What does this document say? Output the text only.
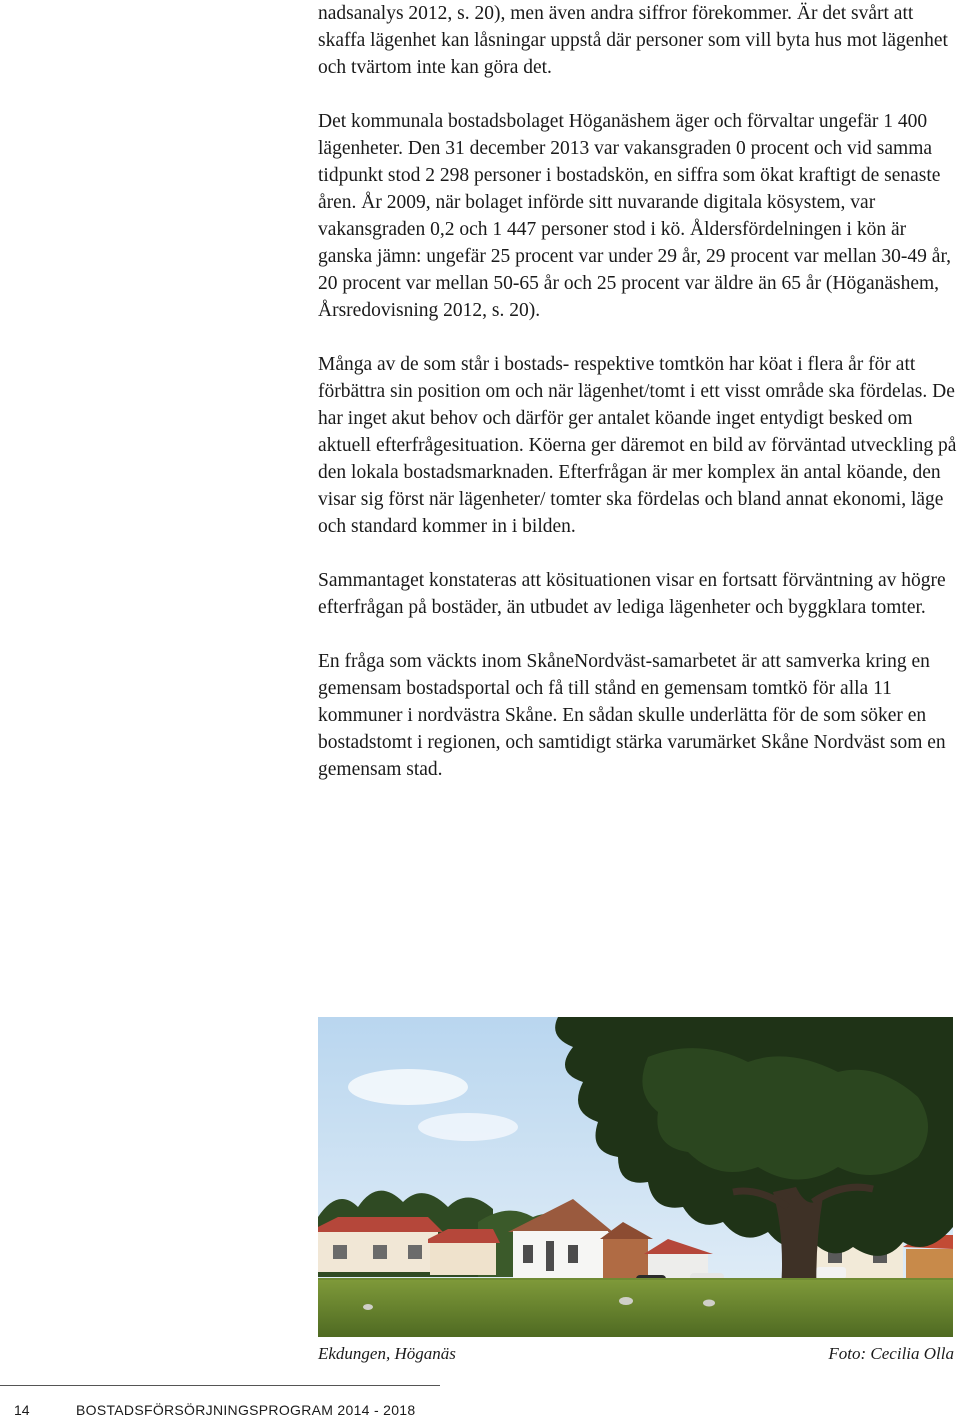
nadsanalys 2012, s. 20), men även andra siffror förekommer. Är det svårt att skaffa lägenhet kan låsningar uppstå där personer som vill byta hus mot lägenhet och tvärtom inte kan göra det.

Det kommunala bostadsbolaget Höganäshem äger och förvaltar ungefär 1 400 lägenheter. Den 31 december 2013 var vakansgraden 0 procent och vid samma tidpunkt stod 2 298 personer i bostadskön, en siffra som ökat kraftigt de senaste åren. År 2009, när bolaget införde sitt nuvarande digitala kösystem, var vakansgraden 0,2 och 1 447 personer stod i kö. Åldersfördelningen i kön är ganska jämn: ungefär 25 procent var under 29 år, 29 procent var mellan 30-49 år, 20 procent var mellan 50-65 år och 25 procent var äldre än 65 år (Höganäshem, Årsredovisning 2012, s. 20).

Många av de som står i bostads- respektive tomtkön har köat i flera år för att förbättra sin position om och när lägenhet/tomt i ett visst område ska fördelas. De har inget akut behov och därför ger antalet köande inget entydigt besked om aktuell efterfrågesituation. Köerna ger däremot en bild av förväntad utveckling på den lokala bostadsmarknaden. Efterfrågan är mer komplex än antal köande, den visar sig först när lägenheter/ tomter ska fördelas och bland annat ekonomi, läge och standard kommer in i bilden.

Sammantaget konstateras att kösituationen visar en fortsatt förväntning av högre efterfrågan på bostäder, än utbudet av lediga lägenheter och byggklara tomter.

En fråga som väckts inom SkåneNordväst-samarbetet är att samverka kring en gemensam bostadsportal och få till stånd en gemensam tomtkö för alla 11 kommuner i nordvästra Skåne. En sådan skulle underlätta för de som söker en bostadstomt i regionen, och samtidigt stärka varumärket Skåne Nordväst som en gemensam stad.

Ekdungen, Höganäs	Foto: Cecilia Olla
14	BOSTADSFÖRSÖRJNINGSPROGRAM 2014 - 2018
